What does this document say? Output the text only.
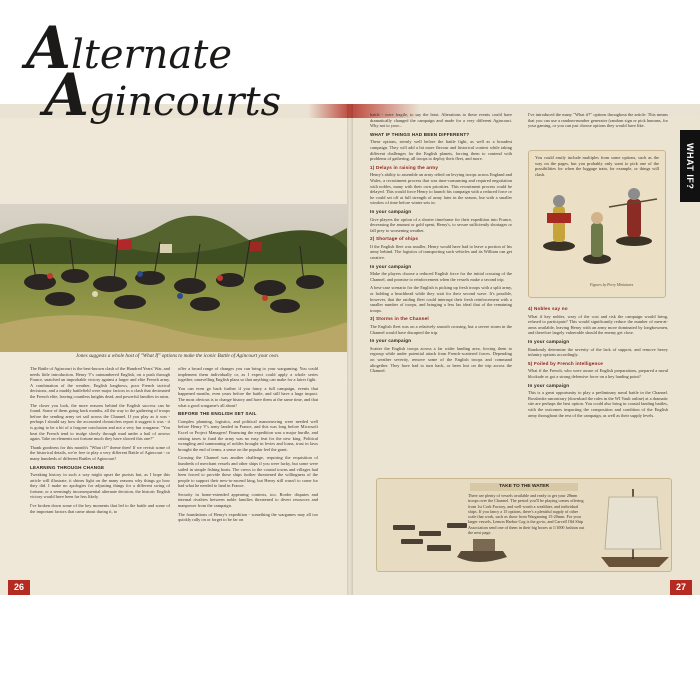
Alternate
Agincourts
Jones suggests a whole host of "What If" options to make the iconic Battle of Agincourt your own.

The Battle of Agincourt is the best-known clash of the Hundred Years' War, and needs little introduction. Henry V's outnumbered English, on a push through France, snatched an improbable victory against a larger and elite French army. A combination of the weather, English longbows, poor French tactical decisions, and a muddy battlefield were major factors in a clash that decimated the French elite, leaving countless knights dead, and powerful families in ruins.

The closer you look, the more reasons behind the English success can be found. Some of them going back months, all the way to the gathering of troops before the sending army set sail across the Channel. If you play as it was - perhaps I should say how the accounted chroniclers report it suggest it was - it is going to be a bit of a forgone conclusion and not a very fun wargame. "You beat the French tend to trudge slowly through mud under a hail of arrows again. Take on elements not fortune much they have slowed this one?"

Thank goodness for this month's "What if?" theme then! If we revisit some of the historical details, we're free to play a very different Battle of Agincourt - or many hundreds of different Battles of Agincourt!

LEARNING THROUGH CHANGE

Tweaking history in such a way might upset the purists but, as I hope this article will illustrate, it shines light on the many reasons why things go how they did. I make no apologies for adjusting things for a different swing of fortune, or a seemingly inconsequential alternate decision, the historic English victory would have been far less likely.

I've broken down some of the key moments that led to the battle and some of the important factors that came about during it, to

offer a broad range of changes you can bring to your wargaming. You could implement them individually or, as I expect could apply a whole series together, unravelling English plans so that anything can make for a fairer fight.

You can even go back further if you fancy a full campaign, events that happened months, even years before the battle, and still have a huge impact. The most obvious is to change history and have them at the same time, and that what a good wargame's all about!

BEFORE THE ENGLISH SET SAIL

Complex planning, logistics, and political manoeuvring were needed well before Henry V's army landed in France, and this was long before Microsoft Excel or Project Managers! Financing the expedition was a major hurdle, and raising taxes to fund the army was no easy feat for the new king. Political wrangling and summoning of nobles brought in levies and loans, trust in laws brought the end of terms, a sense on the popular feel the grant.

Crossing the Channel was another challenge, requiring the requisition of hundreds of merchant vessels and other ships if you were lucky, but some were sailed in simple fishing boats. The crews to the coastal towns and villages had been forced to provide these ships further threatened the willingness of the people to support their new-to-ascend king, but Henry still wasn't to come for had what he needed to land in France.

Security in home-extended appearing contexts, too. Border disputes and internal rivalries between noble families threatened to divert resources and manpower from the campaign.

The foundations of Henry's expedition - something the wargames may all too quickly rally on or forget to be far on

battle - were fragile, to say the least. Alterations to these events could have dramatically changed the campaign and made for a very different Agincourt. Why not to your...

WHAT IF THINGS HAD BEEN DIFFERENT?

These options, sternly well before the battle fight, as well as a broadest campaign. They will add a bit more flavour and historical context while taking different challenges for the English planets, forcing them to contend with problems of gathering, all troops to deploy their fleet, and more.

1) Delays in raising the army

Henry's ability to assemble an army relied on levying troops across England and Wales, a recruitment process that was time-consuming and required negotiation with nobles, many with their own priorities. This recruitment process could be delayed. This would force Henry to launch his campaign with a reduced force or he could set off at full strength of army later in the season, but with a smaller window of time before winter sets in.

In your campaign

Give players the option of a shorter timeframe for their expedition into France, decreasing the amount or gold spent, Henry's, to secure sufficiently shortages or fall prey to worsening weather.

2) Shortage of ships

If the English fleet was smaller, Henry would have had to leave a portion of his army behind. The logistics of transporting such vehicles and its William can get creative.

In your campaign

Make the players choose a reduced English force for the initial crossing of the Channel, and promise to reinforcement when the vessels make a second trip.

A best-case scenario for the English is picking up fresh troops with a split army, or holding a beachhead while they wait for their second wave. It's possible, however, that the raiding fleet could interrupt their fresh reinforcement with a smaller number of troops, and bringing a less lax ideal that of the remaining troops.

3) Storms in the Channel

The English fleet was on a relatively smooth crossing, but a severe storm in the Channel would have disrupted the trip.

In your campaign

Scatter the English troops across a far wider landing area, forcing them to regroup while under potential attack from French-scattered forces. Depending on weather severity, remove some of the English troops and command altogether. They have had to turn back, or been lost on the trip across the Channel.

I've introduced the many "What if?" options throughout the article. This means that you can use a random-number generator (random sign or pick humans, for your gaming, or you can just choose options they would have like.

You could easily include multiples from some options, such as the way on the pages, but you probably only want to pick one of the possibilities for when the luggage train, for example, or things will clash.

Figures by Perry Miniatures
4) Nobles say no

What if key nobles, wary of the cost and risk the campaign would bring, refused to participate? This would significantly reduce the number of men-at-arms available, leaving Henry with an army more dominated by longbowmen, and therefore largely vulnerable should the enemy get close.

In your campaign

Randomly determine the severity of the lack of support, and remove heavy infantry options accordingly.

5) Foiled by French intelligence

What if the French, who were aware of English preparations, prepared a naval blockade or got a strong defensive force on a key landing point?

In your campaign

This is a great opportunity to play a preliminary naval battle in the Channel. Rossbroke uncontrary (download the rules in the WI Vault online) at a dramatic site are perhaps the best option. You could also bring in coastal landing battles, with the outcomes impacting the composition and condition of the English army throughout the rest of the campaign, as well as their supply levels.

TAKE TO THE WATER
There are plenty of vessels available and ready to get your 28mm troops over the Channel. The period you'll be playing comes offering from 1st Cork Factory, and well-worth a wealthier, and individual ships. If you fancy a 15 options, there's a plentiful supply of other scale that work, such as those from Wargaming 15-20mm. For your larger vessels, Lemon Harbor Cog is the go-to, and Carvell Old Ship Association send one of them in their big boxes at 1/1000 fashion out the next page.
WHAT IF?
26	27
